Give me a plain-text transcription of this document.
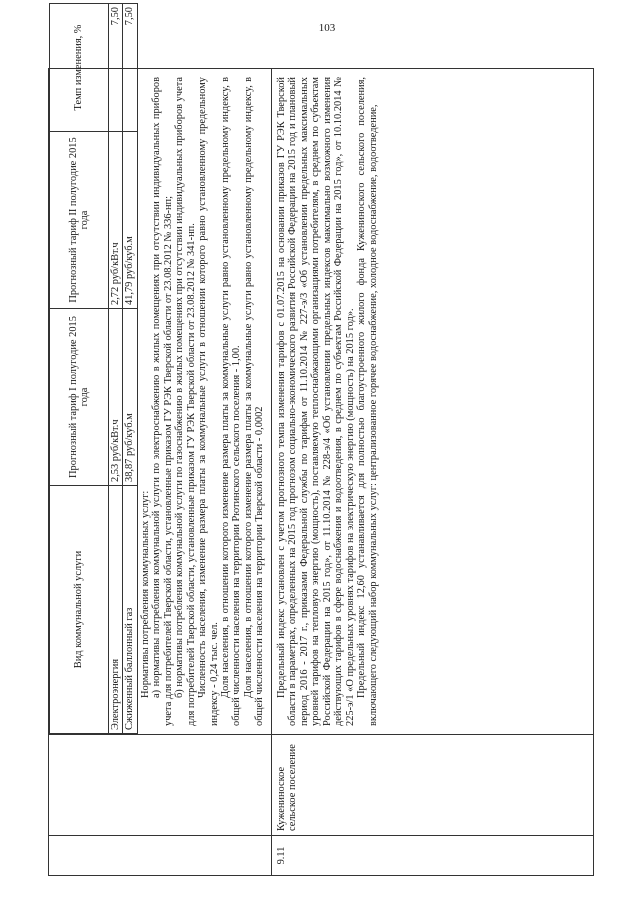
103

Вид коммунальной услуги	Прогнозный тариф I полугодие 2015 года	Прогнозный тариф II полугодие 2015 года	Темп изменения, %
Электроэнергия	2,53 руб/кВт.ч	2,72 руб/кВт.ч	7,50
Сжиженный баллонный газ	38,87 руб/куб.м	41,79 руб/куб.м	7,50

Нормативы потребления коммунальных услуг: а) нормативы потребления коммунальной услуги по электроснабжению в жилых помещениях при отсутствии индивидуальных приборов учета для потребителей Тверской области, установленные приказом ГУ РЭК Тверской области от 23.08.2012 № 336-нп; б) нормативы потребления коммунальной услуги по газоснабжению в жилых помещениях при отсутствии индивидуальных приборов учета для потребителей Тверской области, установленные приказом ГУ РЭК Тверской области от 23.08.2012 № 341-нп. Численность населения, изменение размера платы за коммунальные услуги в отношении которого равно установленному предельному индексу - 0,24 тыс. чел. Доля населения, в отношении которого изменение размера платы за коммунальные услуги равно установленному предельному индексу, в общей численности населения на территории Рютинского сельского поселения - 1,00. Доля населения, в отношении которого изменение размера платы за коммунальные услуги равно установленному предельному индексу, в общей численности населения на территории Тверской области - 0,0002

9.11	Кужениноское сельское поселение	

Предельный индекс установлен с учетом прогнозного темпа изменения тарифов с 01.07.2015 на основании приказов ГУ РЭК Тверской области в параметрах, определенных на 2015 год прогнозом социально-экономического развития Российской Федерации на 2015 год и плановый период 2016 - 2017 г., приказами Федеральной службы по тарифам от 11.10.2014 № 227-э/3 «Об установлении предельных максимальных уровней тарифов на тепловую энергию (мощность), поставляемую теплоснабжающими организациями потребителям, в среднем по субъектам Российской Федерации на 2015 год», от 11.10.2014 № 228-э/4 «Об установлении предельных индексов максимально возможного изменения действующих тарифов в сфере водоснабжения и водоотведения, в среднем по субъектам Российской Федерации на 2015 год», от 10.10.2014 № 225-э/1 «О предельных уровнях тарифов на электрическую энергию (мощность) на 2015 год». Предельный индекс 12,60 устанавливается для полностью благоустроенного жилого фонда Кужениноского сельского поселения, включающего следующий набор коммунальных услуг: централизованное горячее водоснабжение, холодное водоснабжение, водоотведение,
